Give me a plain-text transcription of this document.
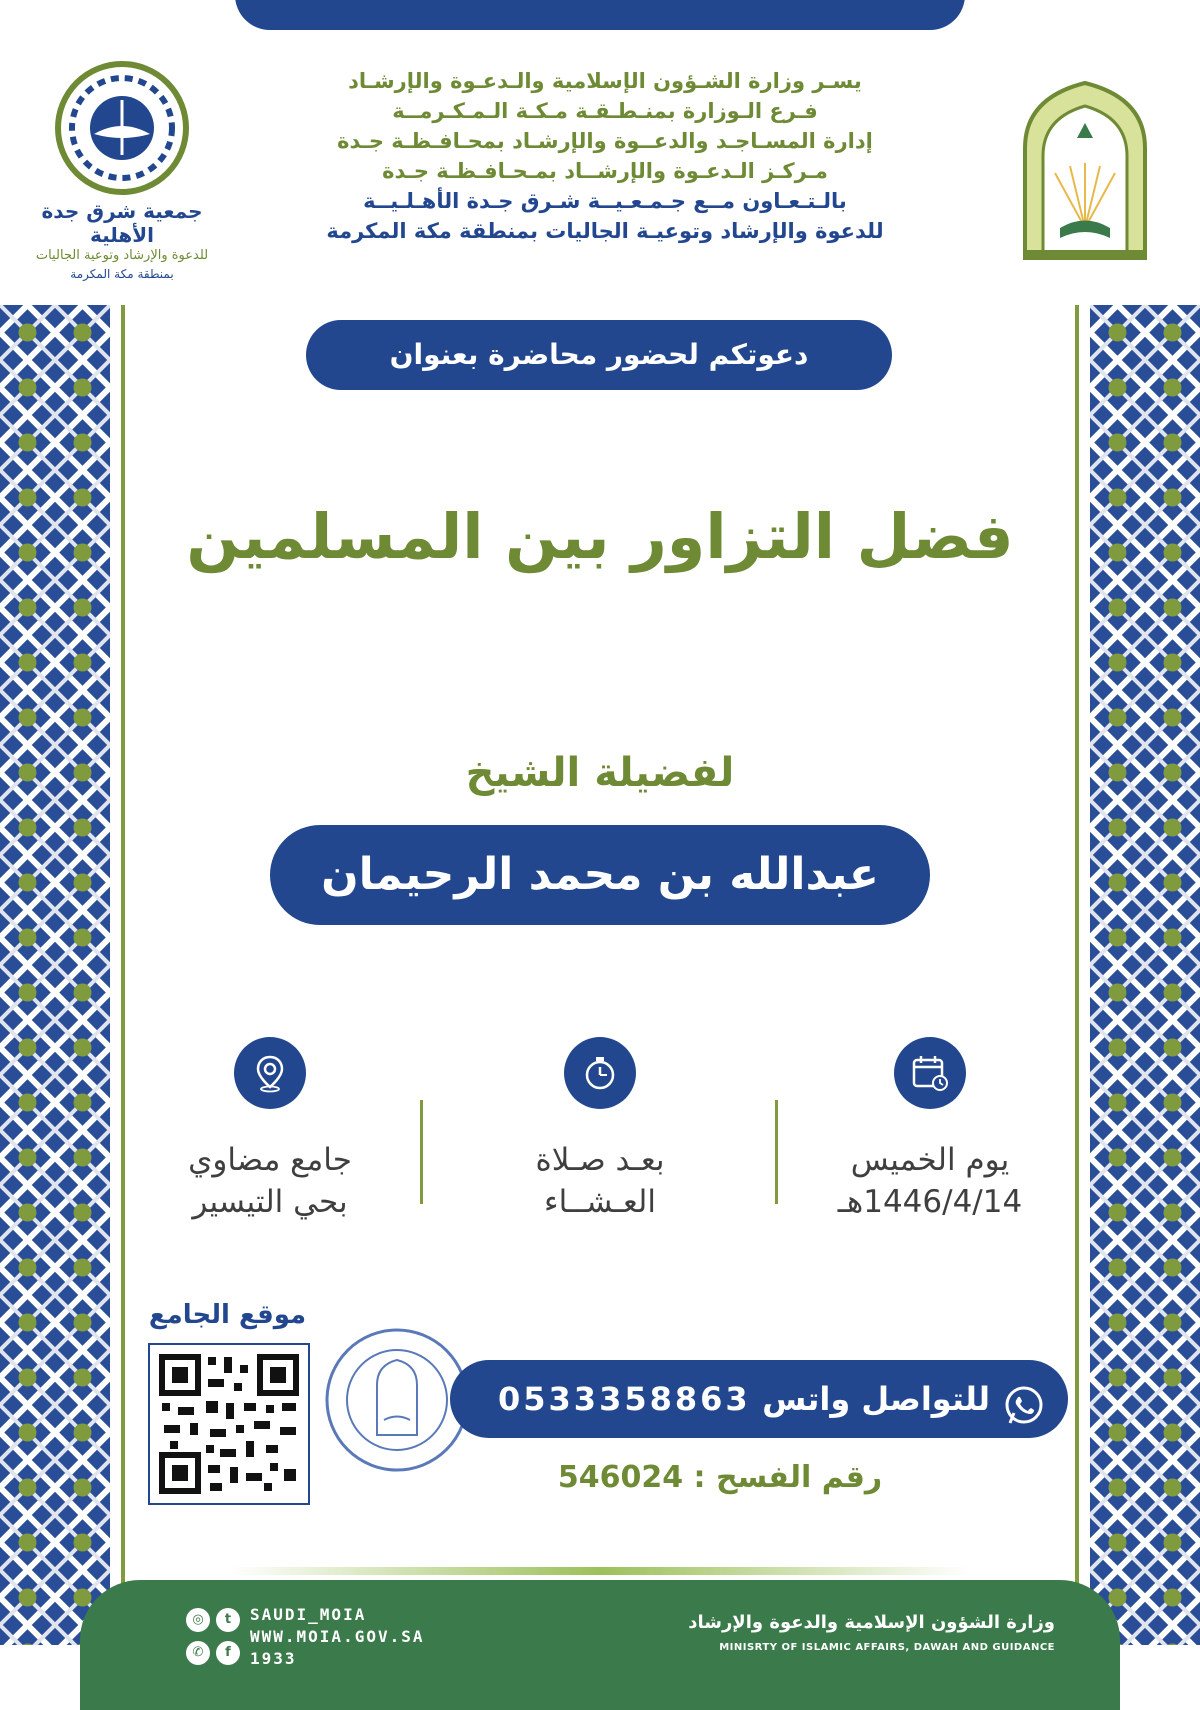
جمعية شرق جدة الأهلية
للدعوة والإرشاد وتوعية الجاليات
بمنطقة مكة المكرمة
يسـر وزارة الشـؤون الإسلامية والـدعـوة والإرشـاد
فـرع الـوزارة بمنـطـقـة مـكـة الـمـكـرمــة
إدارة المسـاجـد والدعــوة والإرشـاد بمحـافـظـة جـدة
مـركـز الـدعـوة والإرشــاد بمـحـافـظـة جـدة
بالـتـعـاون مــع جـمـعـيــة شـرق جـدة الأهـلـيــة
للدعوة والإرشاد وتوعيـة الجاليات بمنطقة مكة المكرمة
دعوتكم لحضور محاضرة بعنوان
فضل التزاور بين المسلمين
لفضيلة الشيخ
عبدالله بن محمد الرحيمان
يوم الخميس
1446/4/14هـ
بعـد صـلاة
العـشــاء
جامع مضاوي
بحي التيسير
موقع الجامع
للتواصل واتس
0533358863
رقم الفسح : 546024
وزارة الشؤون الإسلامية والدعوة والإرشاد
MINISRTY OF ISLAMIC AFFAIRS, DAWAH AND GUIDANCE
t
◎
f
✆
SAUDI_MOIA
WWW.MOIA.GOV.SA
1933
